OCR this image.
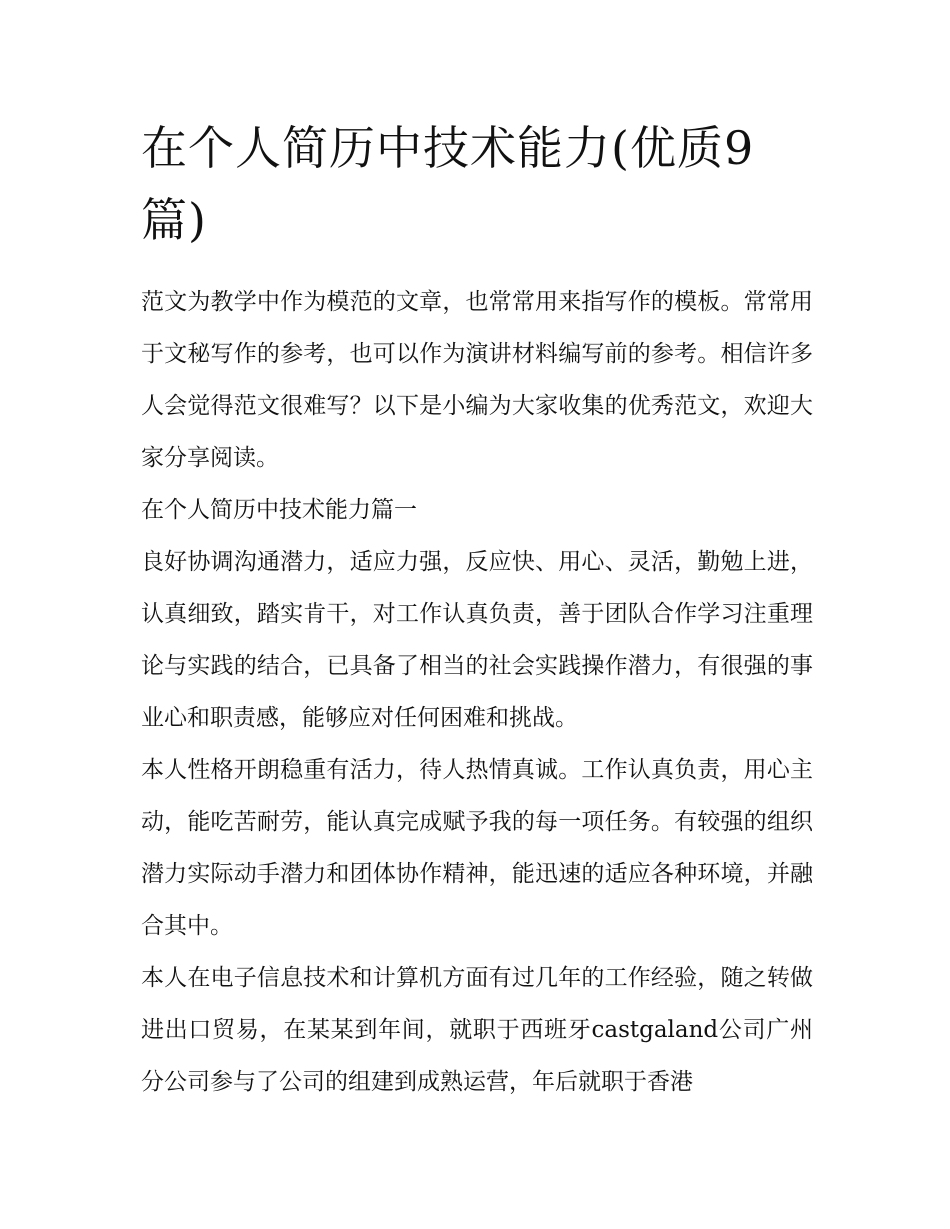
在个人简历中技术能力(优质9篇)

范文为教学中作为模范的文章，也常常用来指写作的模板。常常用于文秘写作的参考，也可以作为演讲材料编写前的参考。相信许多人会觉得范文很难写？以下是小编为大家收集的优秀范文，欢迎大家分享阅读。

在个人简历中技术能力篇一

良好协调沟通潜力，适应力强，反应快、用心、灵活，勤勉上进，认真细致，踏实肯干，对工作认真负责，善于团队合作学习注重理论与实践的结合，已具备了相当的社会实践操作潜力，有很强的事业心和职责感，能够应对任何困难和挑战。

本人性格开朗稳重有活力，待人热情真诚。工作认真负责，用心主动，能吃苦耐劳，能认真完成赋予我的每一项任务。有较强的组织潜力实际动手潜力和团体协作精神，能迅速的适应各种环境，并融合其中。

本人在电子信息技术和计算机方面有过几年的工作经验，随之转做进出口贸易，在某某到年间，就职于西班牙castgaland公司广州分公司参与了公司的组建到成熟运营，年后就职于香港
